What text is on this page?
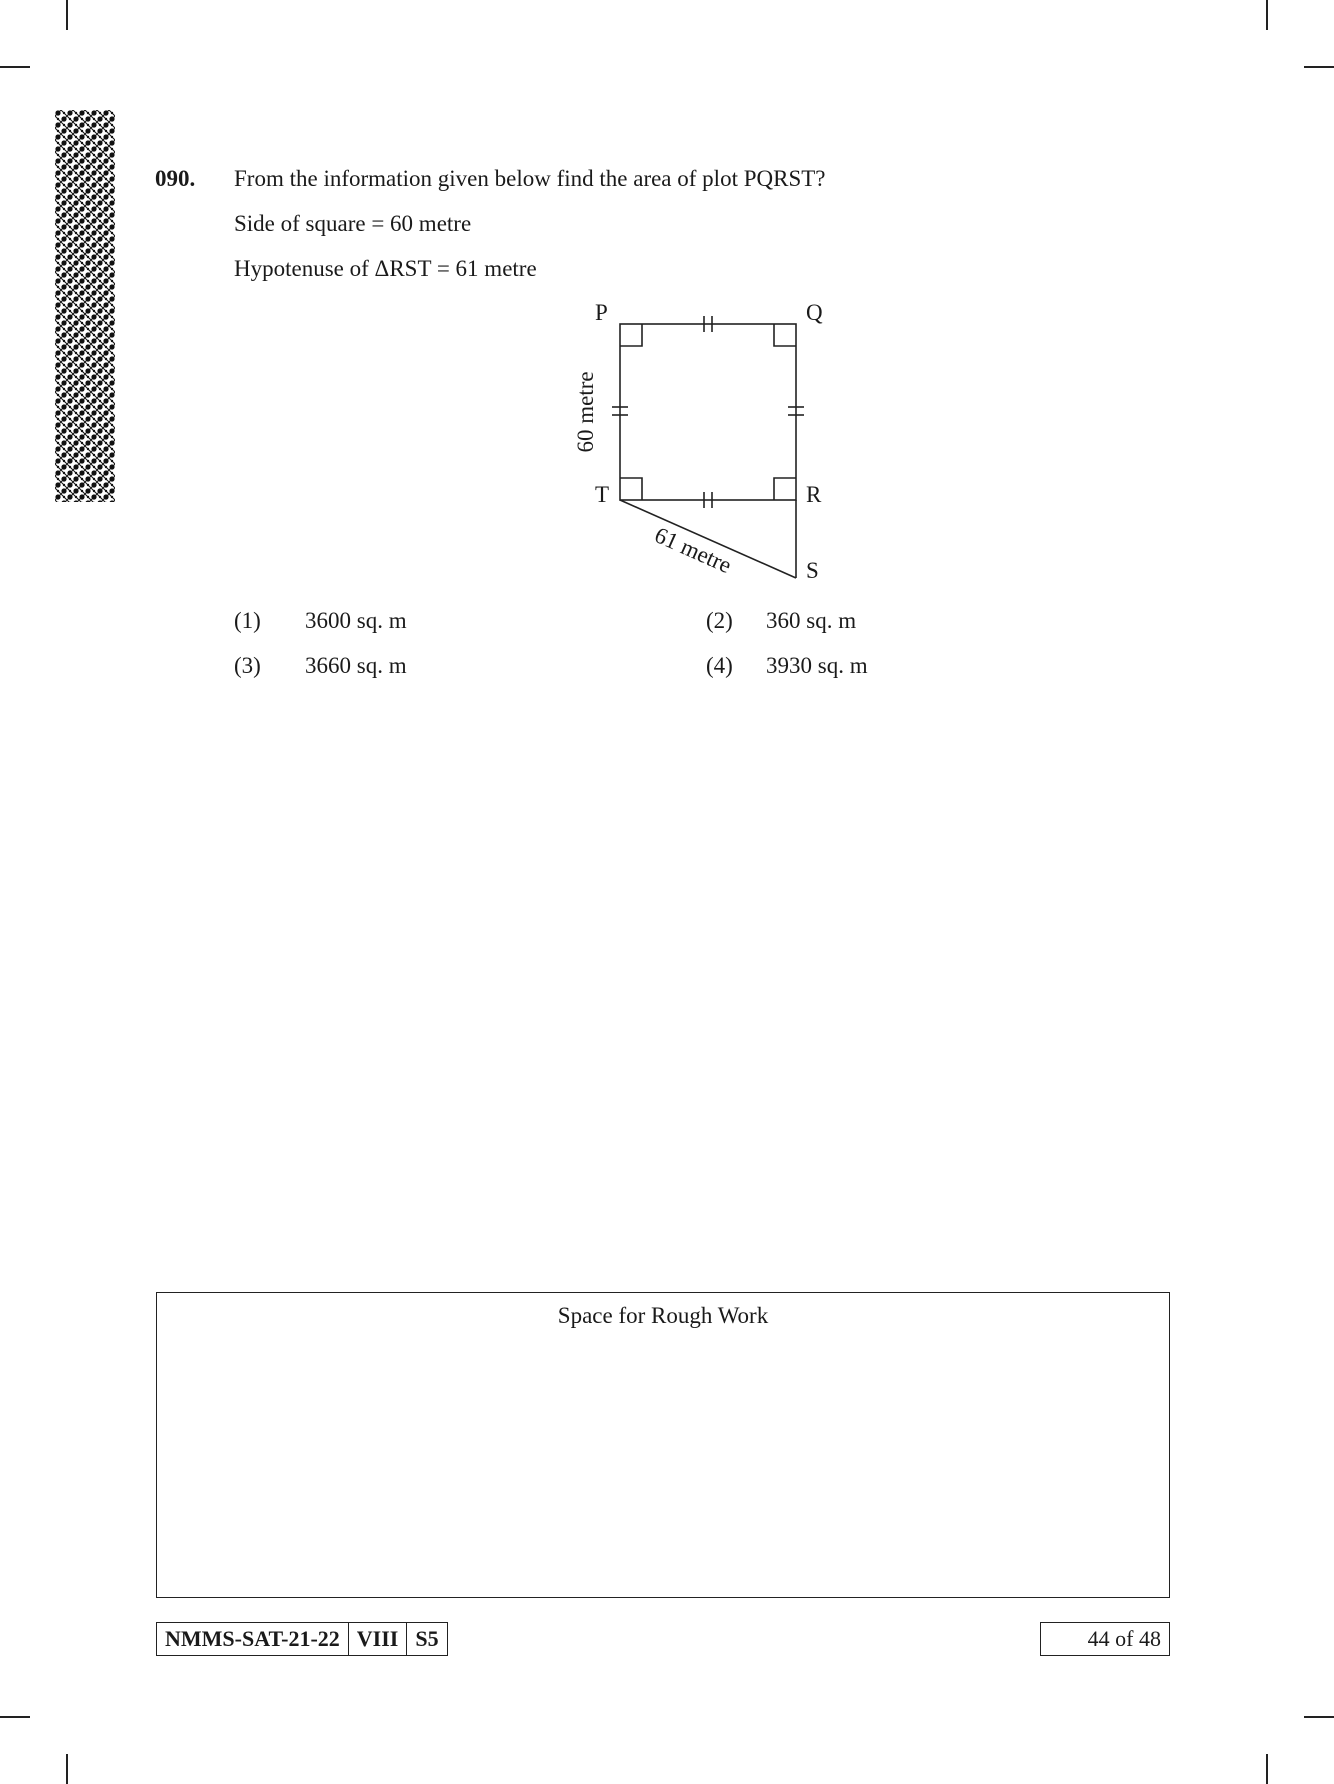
090. From the information given below find the area of plot PQRST?
Side of square = 60 metre
Hypotenuse of ΔRST = 61 metre
P	Q
T	R
S
60 metre
61 metre
(1) 3600 sq. m	(2) 360 sq. m
(3) 3660 sq. m	(4) 3930 sq. m
Space for Rough Work
NMMS-SAT-21-22 VIII S5	44 of 48
